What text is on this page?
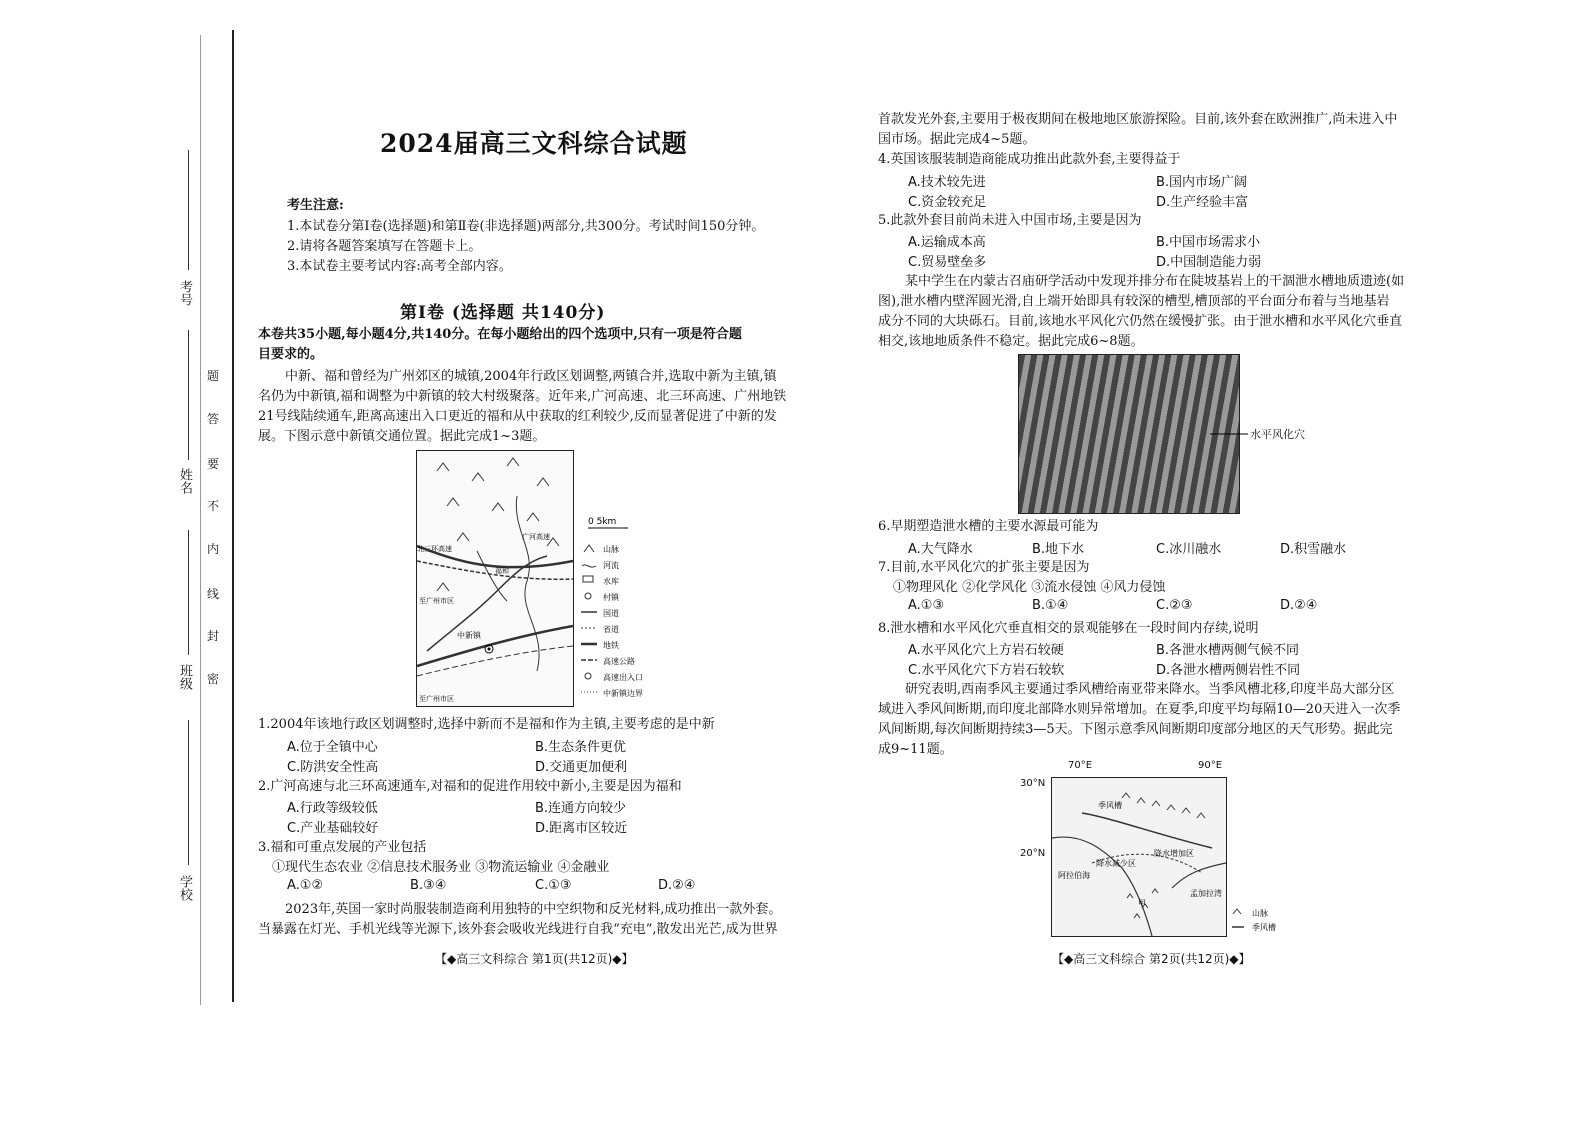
考号
姓名
班级
学校
题
答
要
不
内
线
封
密
2024届高三文科综合试题
考生注意:
1.本试卷分第Ⅰ卷(选择题)和第Ⅱ卷(非选择题)两部分,共300分。考试时间150分钟。
2.请将各题答案填写在答题卡上。
3.本试卷主要考试内容:高考全部内容。
第Ⅰ卷 (选择题 共140分)
本卷共35小题,每小题4分,共140分。在每小题给出的四个选项中,只有一项是符合题
目要求的。
中新、福和曾经为广州郊区的城镇,2004年行政区划调整,两镇合并,选取中新为主镇,镇
名仍为中新镇,福和调整为中新镇的较大村级聚落。近年来,广河高速、北三环高速、广州地铁
21号线陆续通车,距离高速出入口更近的福和从中获取的红利较少,反而显著促进了中新的发
展。下图示意中新镇交通位置。据此完成1~3题。
北三环高速
广河高速
福和
至广州市区
中新镇
至广州市区
0 5km
山脉
河流
水库
村镇
国道
省道
地铁
高速公路
高速出入口
中新镇边界
1.2004年该地行政区划调整时,选择中新而不是福和作为主镇,主要考虑的是中新
A.位于全镇中心	B.生态条件更优
C.防洪安全性高	D.交通更加便利
2.广河高速与北三环高速通车,对福和的促进作用较中新小,主要是因为福和
A.行政等级较低	B.连通方向较少
C.产业基础较好	D.距离市区较近
3.福和可重点发展的产业包括
①现代生态农业 ②信息技术服务业 ③物流运输业 ④金融业
A.①②	B.③④	C.①③	D.②④
2023年,英国一家时尚服装制造商利用独特的中空织物和反光材料,成功推出一款外套。
当暴露在灯光、手机光线等光源下,该外套会吸收光线进行自我“充电”,散发出光芒,成为世界
【◆高三文科综合 第1页(共12页)◆】
首款发光外套,主要用于极夜期间在极地地区旅游探险。目前,该外套在欧洲推广,尚未进入中
国市场。据此完成4~5题。
4.英国该服装制造商能成功推出此款外套,主要得益于
A.技术较先进	B.国内市场广阔
C.资金较充足	D.生产经验丰富
5.此款外套目前尚未进入中国市场,主要是因为
A.运输成本高	B.中国市场需求小
C.贸易壁垒多	D.中国制造能力弱
某中学生在内蒙古召庙研学活动中发现并排分布在陡坡基岩上的干涸泄水槽地质遗迹(如
图),泄水槽内壁浑圆光滑,自上端开始即具有较深的槽型,槽顶部的平台面分布着与当地基岩
成分不同的大块砾石。目前,该地水平风化穴仍然在缓慢扩张。由于泄水槽和水平风化穴垂直
相交,该地地质条件不稳定。据此完成6~8题。
水平风化穴
6.早期塑造泄水槽的主要水源最可能为
A.大气降水	B.地下水	C.冰川融水	D.积雪融水
7.目前,水平风化穴的扩张主要是因为
①物理风化 ②化学风化 ③流水侵蚀 ④风力侵蚀
A.①③	B.①④	C.②③	D.②④
8.泄水槽和水平风化穴垂直相交的景观能够在一段时间内存续,说明
A.水平风化穴上方岩石较硬	B.各泄水槽两侧气候不同
C.水平风化穴下方岩石较软	D.各泄水槽两侧岩性不同
研究表明,西南季风主要通过季风槽给南亚带来降水。当季风槽北移,印度半岛大部分区
域进入季风间断期,而印度北部降水则异常增加。在夏季,印度平均每隔10—20天进入一次季
风间断期,每次间断期持续3—5天。下图示意季风间断期印度部分地区的天气形势。据此完
成9~11题。
70°E	90°E
30°N
20°N
季风槽
降水减少区
降水增加区
阿拉伯海
甲
孟加拉湾
山脉
季风槽
【◆高三文科综合 第2页(共12页)◆】
